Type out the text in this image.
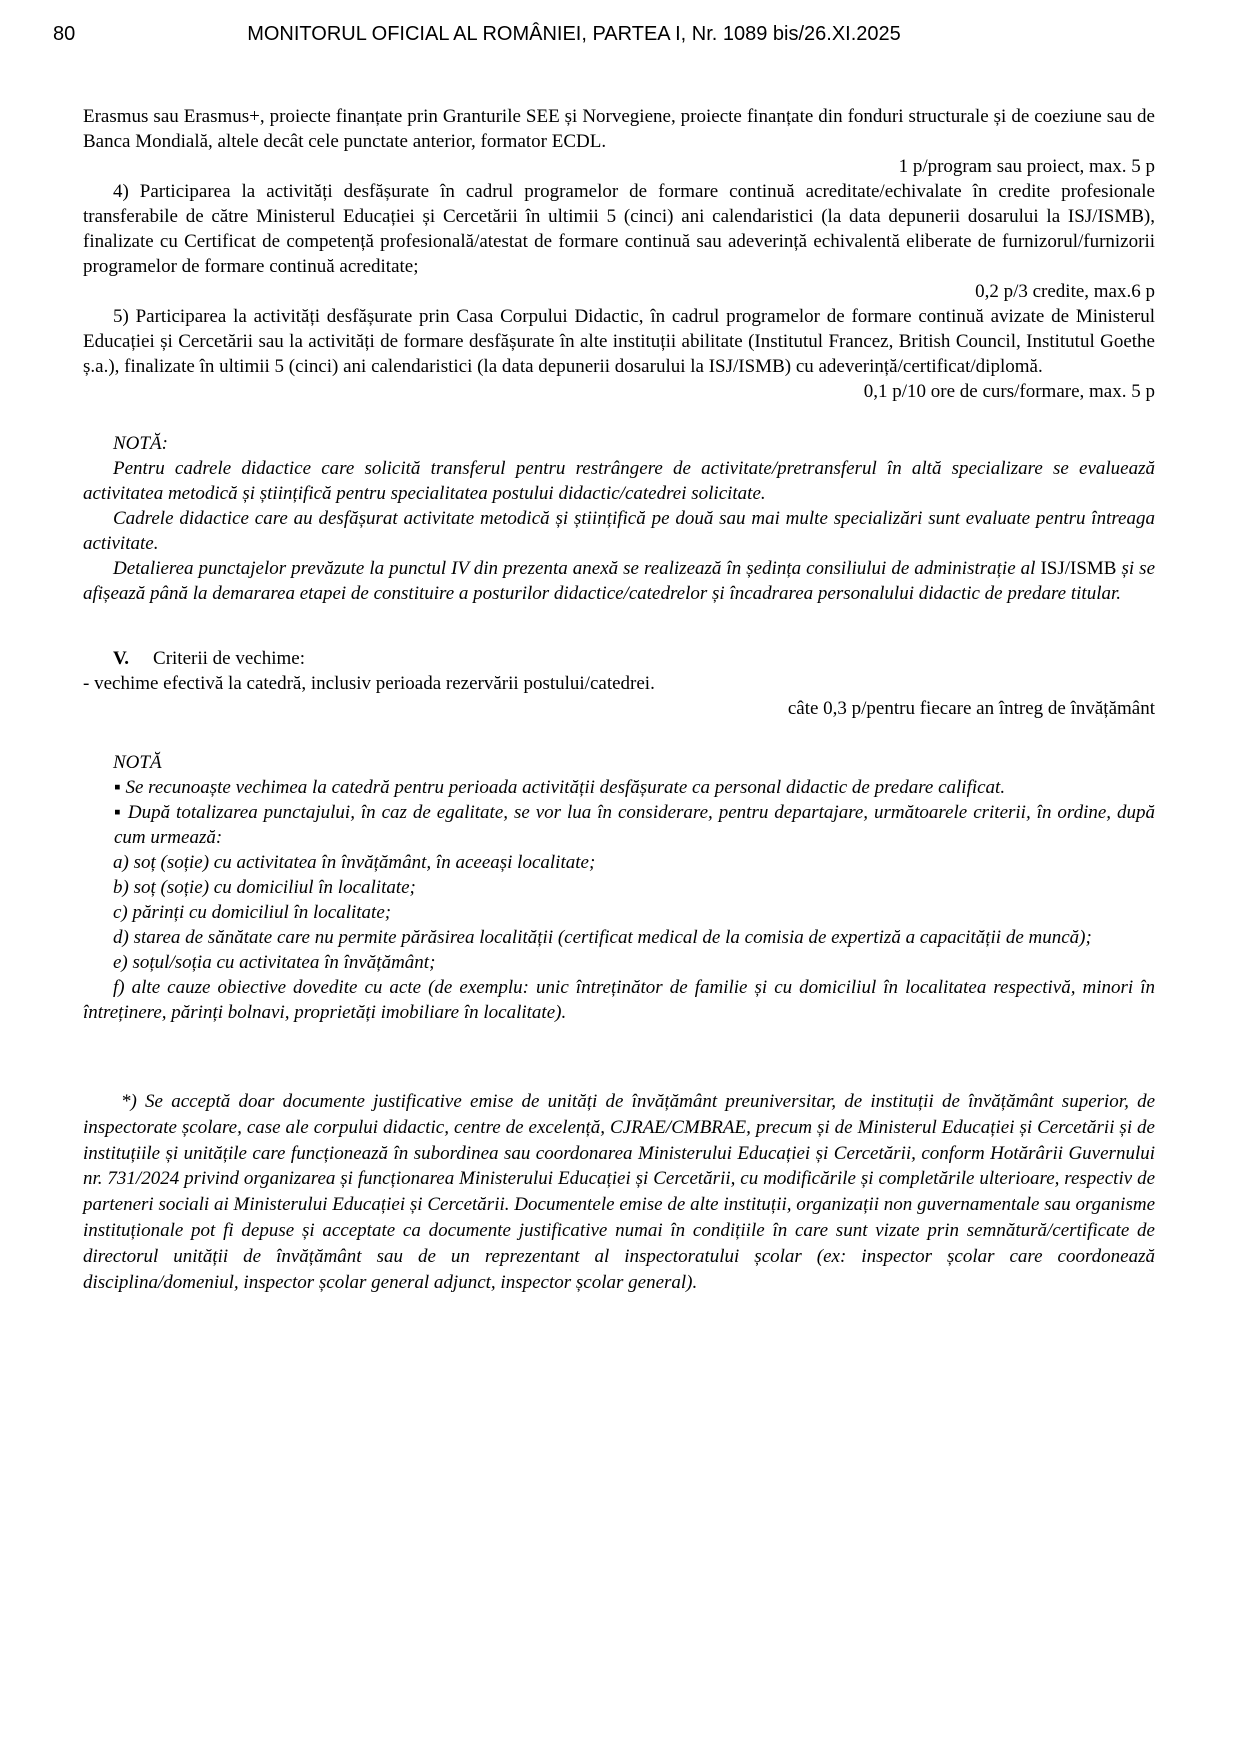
80	MONITORUL OFICIAL AL ROMÂNIEI, PARTEA I, Nr. 1089 bis/26.XI.2025

Erasmus sau Erasmus+, proiecte finanțate prin Granturile SEE și Norvegiene, proiecte finanțate din fonduri structurale și de coeziune sau de Banca Mondială, altele decât cele punctate anterior, formator ECDL.

1 p/program sau proiect, max. 5 p

4) Participarea la activități desfășurate în cadrul programelor de formare continuă acreditate/echivalate în credite profesionale transferabile de către Ministerul Educației și Cercetării în ultimii 5 (cinci) ani calendaristici (la data depunerii dosarului la ISJ/ISMB), finalizate cu Certificat de competență profesională/atestat de formare continuă sau adeverință echivalentă eliberate de furnizorul/furnizorii programelor de formare continuă acreditate;

0,2 p/3 credite, max.6 p

5) Participarea la activități desfășurate prin Casa Corpului Didactic, în cadrul programelor de formare continuă avizate de Ministerul Educației și Cercetării sau la activități de formare desfășurate în alte instituții abilitate (Institutul Francez, British Council, Institutul Goethe ș.a.), finalizate în ultimii 5 (cinci) ani calendaristici (la data depunerii dosarului la ISJ/ISMB) cu adeverință/certificat/diplomă.

0,1 p/10 ore de curs/formare, max. 5 p

NOTĂ:

Pentru cadrele didactice care solicită transferul pentru restrângere de activitate/pretransferul în altă specializare se evaluează activitatea metodică și științifică pentru specialitatea postului didactic/catedrei solicitate.

Cadrele didactice care au desfășurat activitate metodică și științifică pe două sau mai multe specializări sunt evaluate pentru întreaga activitate.

Detalierea punctajelor prevăzute la punctul IV din prezenta anexă se realizează în ședința consiliului de administrație al ISJ/ISMB și se afișează până la demararea etapei de constituire a posturilor didactice/catedrelor și încadrarea personalului didactic de predare titular.

V. Criterii de vechime:

- vechime efectivă la catedră, inclusiv perioada rezervării postului/catedrei.

câte 0,3 p/pentru fiecare an întreg de învățământ

NOTĂ

▪ Se recunoaște vechimea la catedră pentru perioada activității desfășurate ca personal didactic de predare calificat.

▪ După totalizarea punctajului, în caz de egalitate, se vor lua în considerare, pentru departajare, următoarele criterii, în ordine, după cum urmează:

a) soț (soție) cu activitatea în învățământ, în aceeași localitate;

b) soț (soție) cu domiciliul în localitate;

c) părinți cu domiciliul în localitate;

d) starea de sănătate care nu permite părăsirea localității (certificat medical de la comisia de expertiză a capacității de muncă);

e) soțul/soția cu activitatea în învățământ;

f) alte cauze obiective dovedite cu acte (de exemplu: unic întreținător de familie și cu domiciliul în localitatea respectivă, minori în întreținere, părinți bolnavi, proprietăți imobiliare în localitate).

*) Se acceptă doar documente justificative emise de unități de învățământ preuniversitar, de instituții de învățământ superior, de inspectorate școlare, case ale corpului didactic, centre de excelență, CJRAE/CMBRAE, precum și de Ministerul Educației și Cercetării și de instituțiile și unitățile care funcționează în subordinea sau coordonarea Ministerului Educației și Cercetării, conform Hotărârii Guvernului nr. 731/2024 privind organizarea și funcționarea Ministerului Educației și Cercetării, cu modificările și completările ulterioare, respectiv de parteneri sociali ai Ministerului Educației și Cercetării. Documentele emise de alte instituții, organizații non guvernamentale sau organisme instituționale pot fi depuse și acceptate ca documente justificative numai în condițiile în care sunt vizate prin semnătură/certificate de directorul unității de învățământ sau de un reprezentant al inspectoratului școlar (ex: inspector școlar care coordonează disciplina/domeniul, inspector școlar general adjunct, inspector școlar general).
